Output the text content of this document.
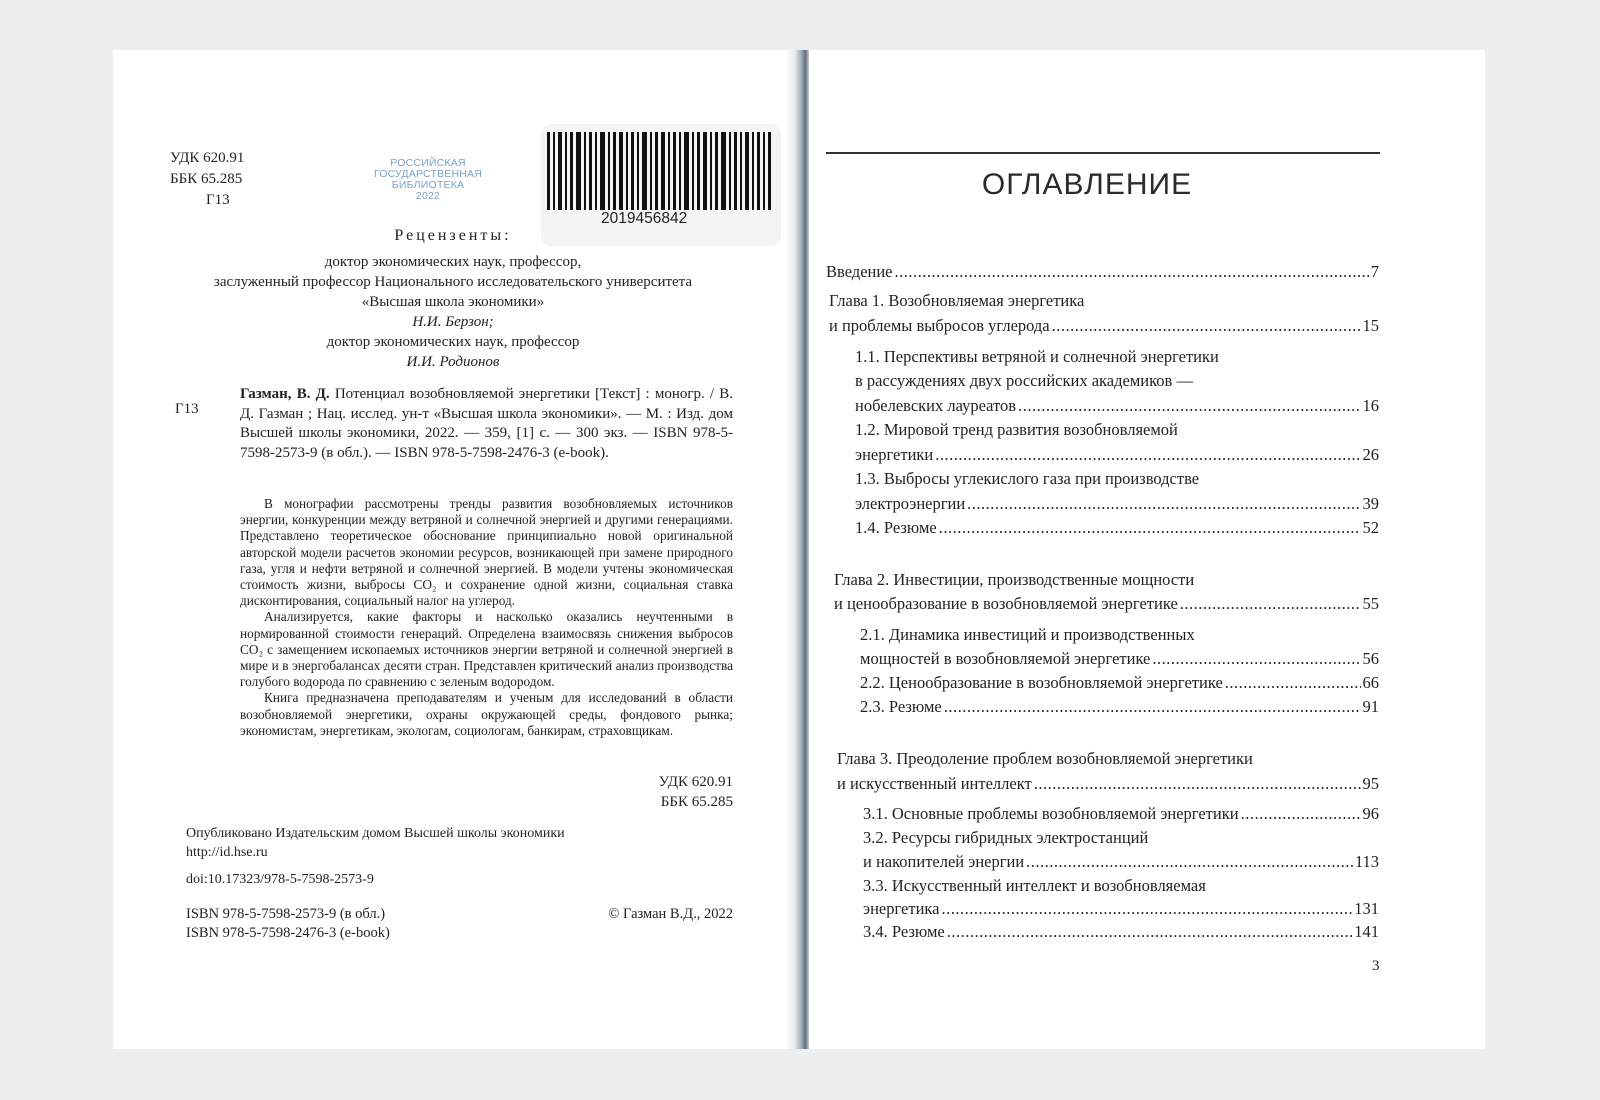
УДК 620.91
ББК 65.285
Г13
РОССИЙСКАЯ
ГОСУДАРСТВЕННАЯ
БИБЛИОТЕКА
2022
2019456842
Рецензенты:
доктор экономических наук, профессор,
заслуженный профессор Национального исследовательского университета
«Высшая школа экономики»
Н.И. Берзон;
доктор экономических наук, профессор
И.И. Родионов
Г13
Газман, В. Д. Потенциал возобновляемой энергетики [Текст] : моногр. / В. Д. Газман ; Нац. исслед. ун-т «Высшая школа экономики». — М. : Изд. дом Высшей школы экономики, 2022. — 359, [1] с. — 300 экз. — ISBN 978-5-7598-2573-9 (в обл.). — ISBN 978-5-7598-2476-3 (e-book).

В монографии рассмотрены тренды развития возобновляемых источников энергии, конкуренции между ветряной и солнечной энергией и другими генерациями. Представлено теоретическое обоснование принципиально новой оригинальной авторской модели расчетов экономии ресурсов, возникающей при замене природного газа, угля и нефти ветряной и солнечной энергией. В модели учтены экономическая стоимость жизни, выбросы CO₂ и сохранение одной жизни, социальная ставка дисконтирования, социальный налог на углерод.

Анализируется, какие факторы и насколько оказались неучтенными в нормированной стоимости генераций. Определена взаимосвязь снижения выбросов CO₂ с замещением ископаемых источников энергии ветряной и солнечной энергией в мире и в энергобалансах десяти стран. Представлен критический анализ производства голубого водорода по сравнению с зеленым водородом.

Книга предназначена преподавателям и ученым для исследований в области возобновляемой энергетики, охраны окружающей среды, фондового рынка; экономистам, энергетикам, экологам, социологам, банкирам, страховщикам.

УДК 620.91
ББК 65.285
Опубликовано Издательским домом Высшей школы экономики
http://id.hse.ru
doi:10.17323/978-5-7598-2573-9
ISBN 978-5-7598-2573-9 (в обл.)
ISBN 978-5-7598-2476-3 (e-book)
© Газман В.Д., 2022
ОГЛАВЛЕНИЕ
Введение .....	7
Глава 1. Возобновляемая энергетика
и проблемы выбросов углерода .....	15
1.1. Перспективы ветряной и солнечной энергетики
в рассуждениях двух российских академиков —
нобелевских лауреатов .....	16
1.2. Мировой тренд развития возобновляемой
энергетики .....	26
1.3. Выбросы углекислого газа при производстве
электроэнергии .....	39
1.4. Резюме .....	52
Глава 2. Инвестиции, производственные мощности
и ценообразование в возобновляемой энергетике .....	55
2.1. Динамика инвестиций и производственных
мощностей в возобновляемой энергетике .....	56
2.2. Ценообразование в возобновляемой энергетике .....	66
2.3. Резюме .....	91
Глава 3. Преодоление проблем возобновляемой энергетики
и искусственный интеллект .....	95
3.1. Основные проблемы возобновляемой энергетики .....	96
3.2. Ресурсы гибридных электростанций
и накопителей энергии .....	113
3.3. Искусственный интеллект и возобновляемая
энергетика .....	131
3.4. Резюме .....	141
3
